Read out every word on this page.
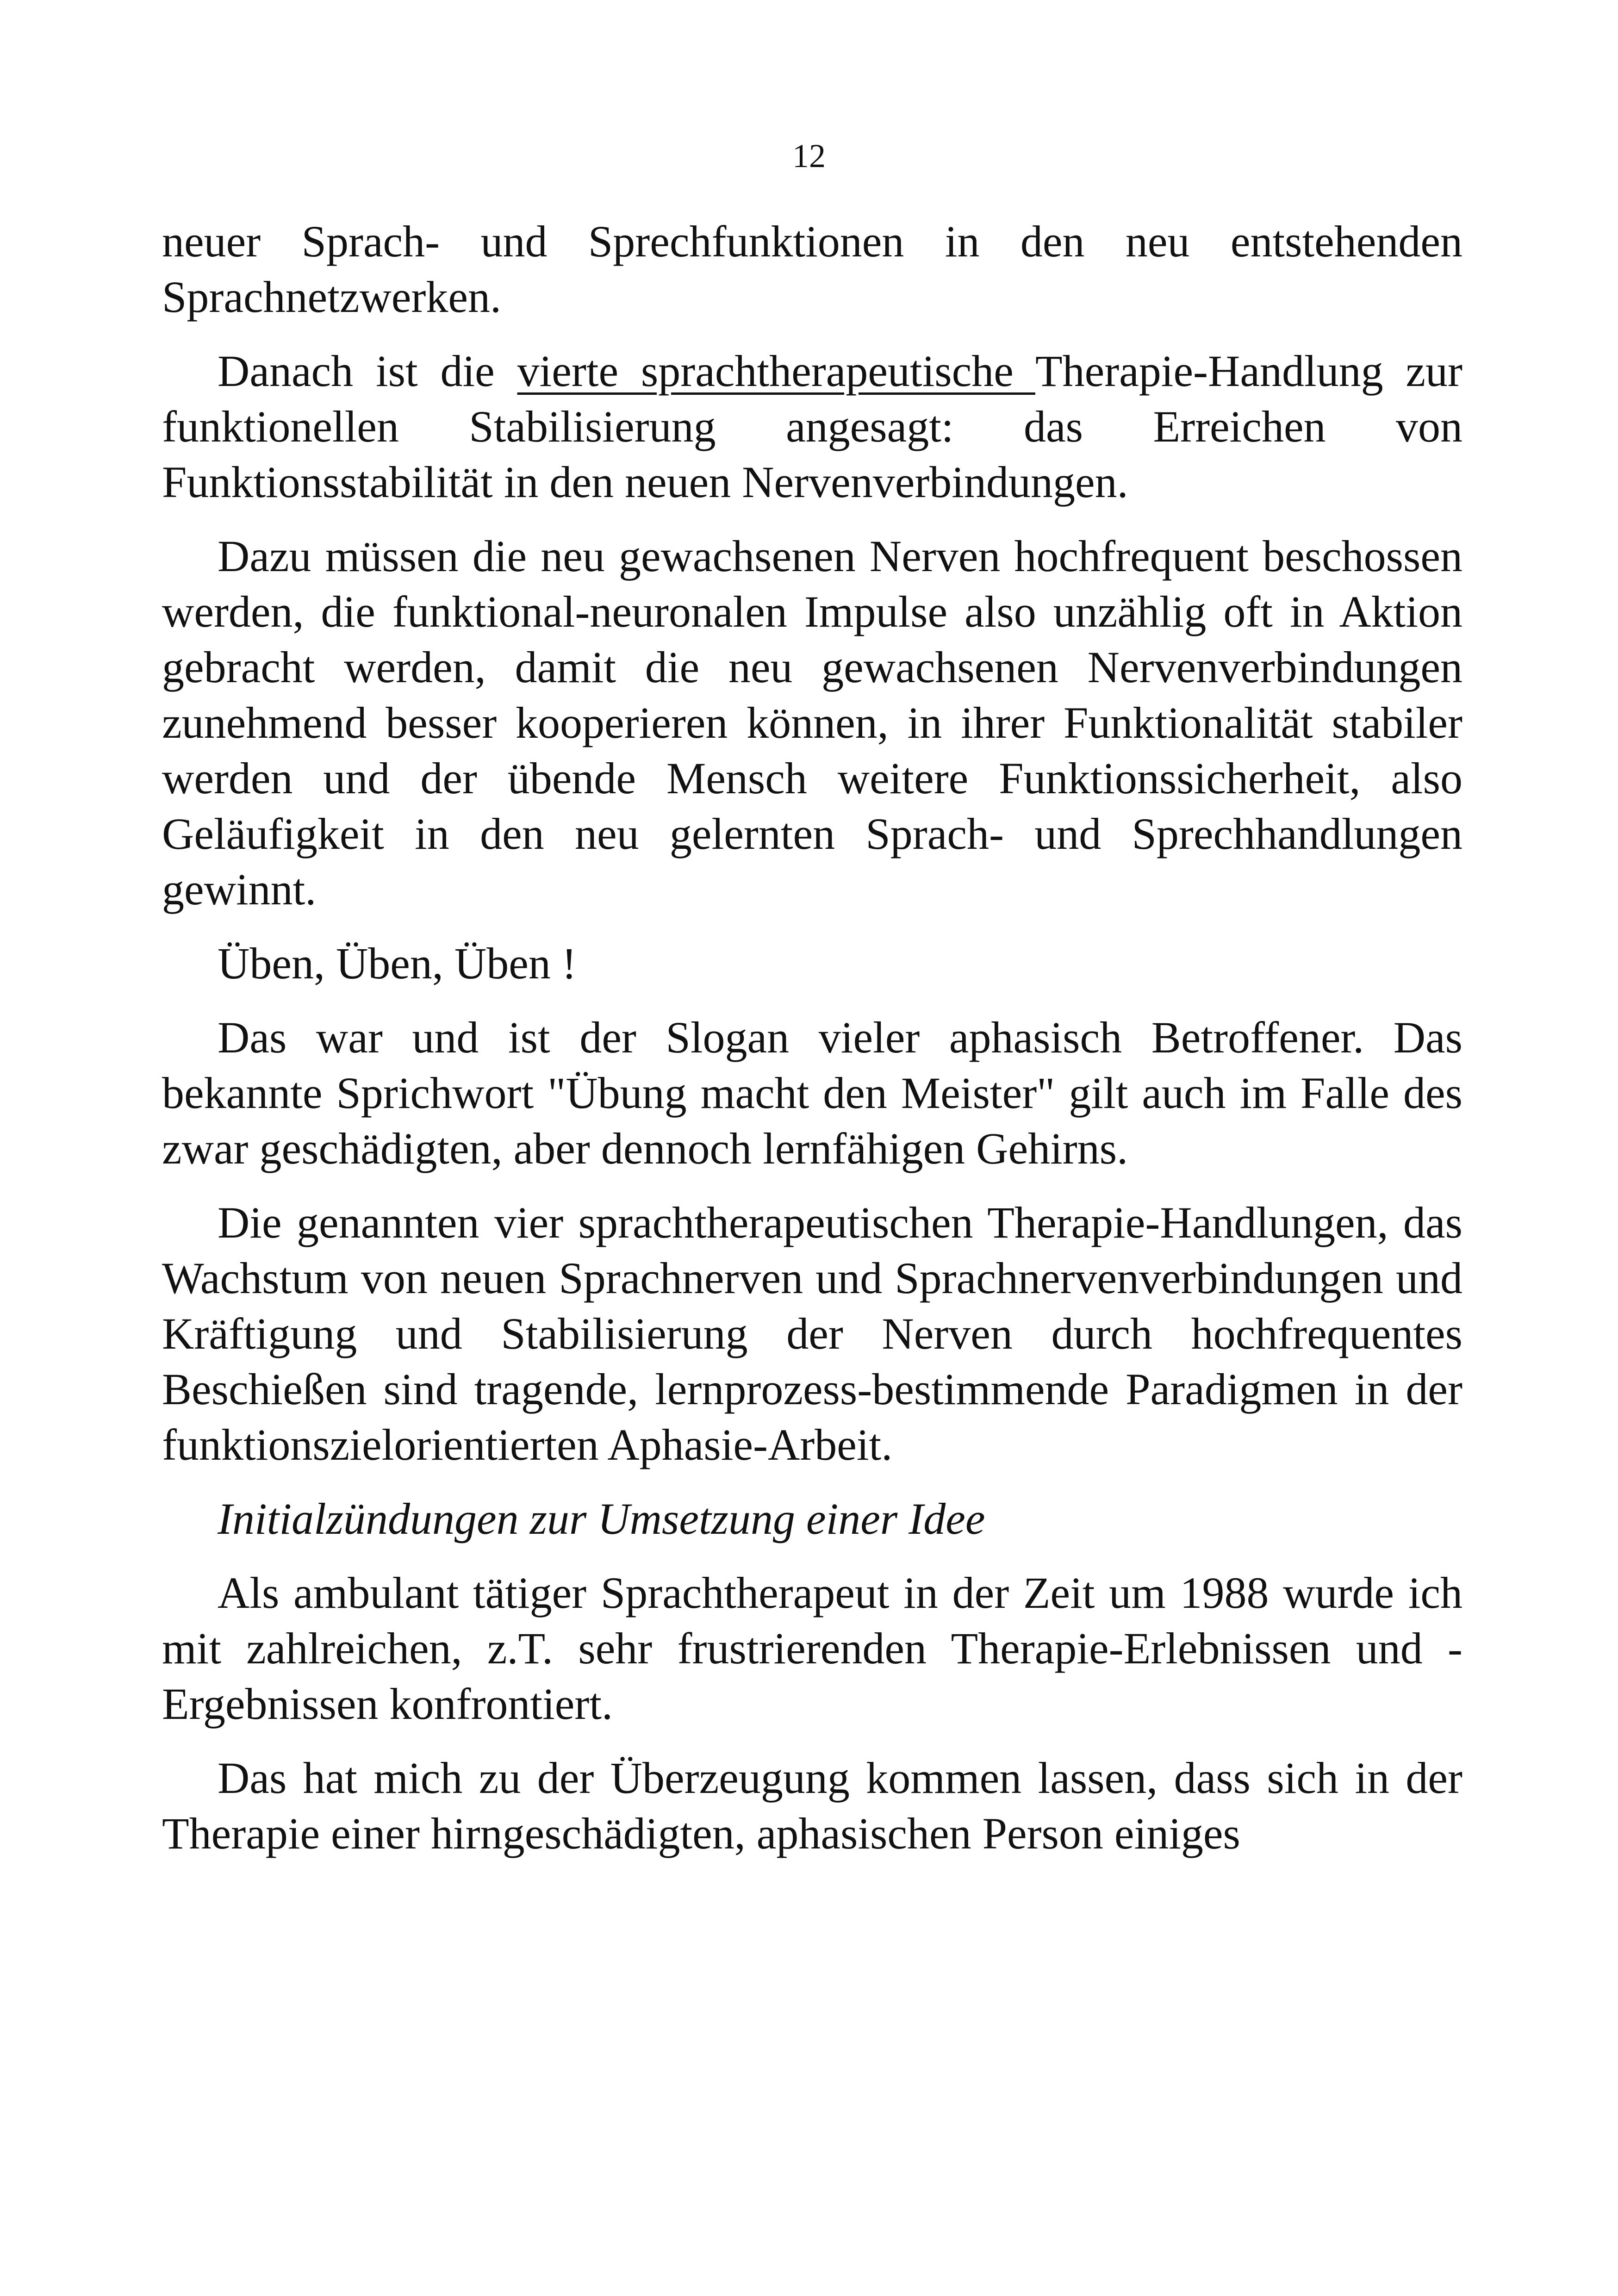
12

neuer Sprach- und Sprechfunktionen in den neu entstehenden Sprachnetzwerken.

Danach ist die vierte sprachtherapeutische Therapie-Handlung zur funktionellen Stabilisierung angesagt: das Erreichen von Funktionsstabilität in den neuen Nervenverbindungen.

Dazu müssen die neu gewachsenen Nerven hochfrequent beschossen werden, die funktional-neuronalen Impulse also unzählig oft in Aktion gebracht werden, damit die neu gewachsenen Nervenverbindungen zunehmend besser kooperieren können, in ihrer Funktionalität stabiler werden und der übende Mensch weitere Funktionssicherheit, also Geläufigkeit in den neu gelernten Sprach- und Sprechhandlungen gewinnt.

Üben, Üben, Üben !

Das war und ist der Slogan vieler aphasisch Betroffener. Das bekannte Sprichwort "Übung macht den Meister" gilt auch im Falle des zwar geschädigten, aber dennoch lernfähigen Gehirns.

Die genannten vier sprachtherapeutischen Therapie-Handlungen, das Wachstum von neuen Sprachnerven und Sprachnervenverbindungen und Kräftigung und Stabilisierung der Nerven durch hochfrequentes Beschießen sind tragende, lernprozess-bestimmende Paradigmen in der funktionszielorientierten Aphasie-Arbeit.

Initialzündungen zur Umsetzung einer Idee

Als ambulant tätiger Sprachtherapeut in der Zeit um 1988 wurde ich mit zahlreichen, z.T. sehr frustrierenden Therapie-Erlebnissen und -Ergebnissen konfrontiert.

Das hat mich zu der Überzeugung kommen lassen, dass sich in der Therapie einer hirngeschädigten, aphasischen Person einiges
